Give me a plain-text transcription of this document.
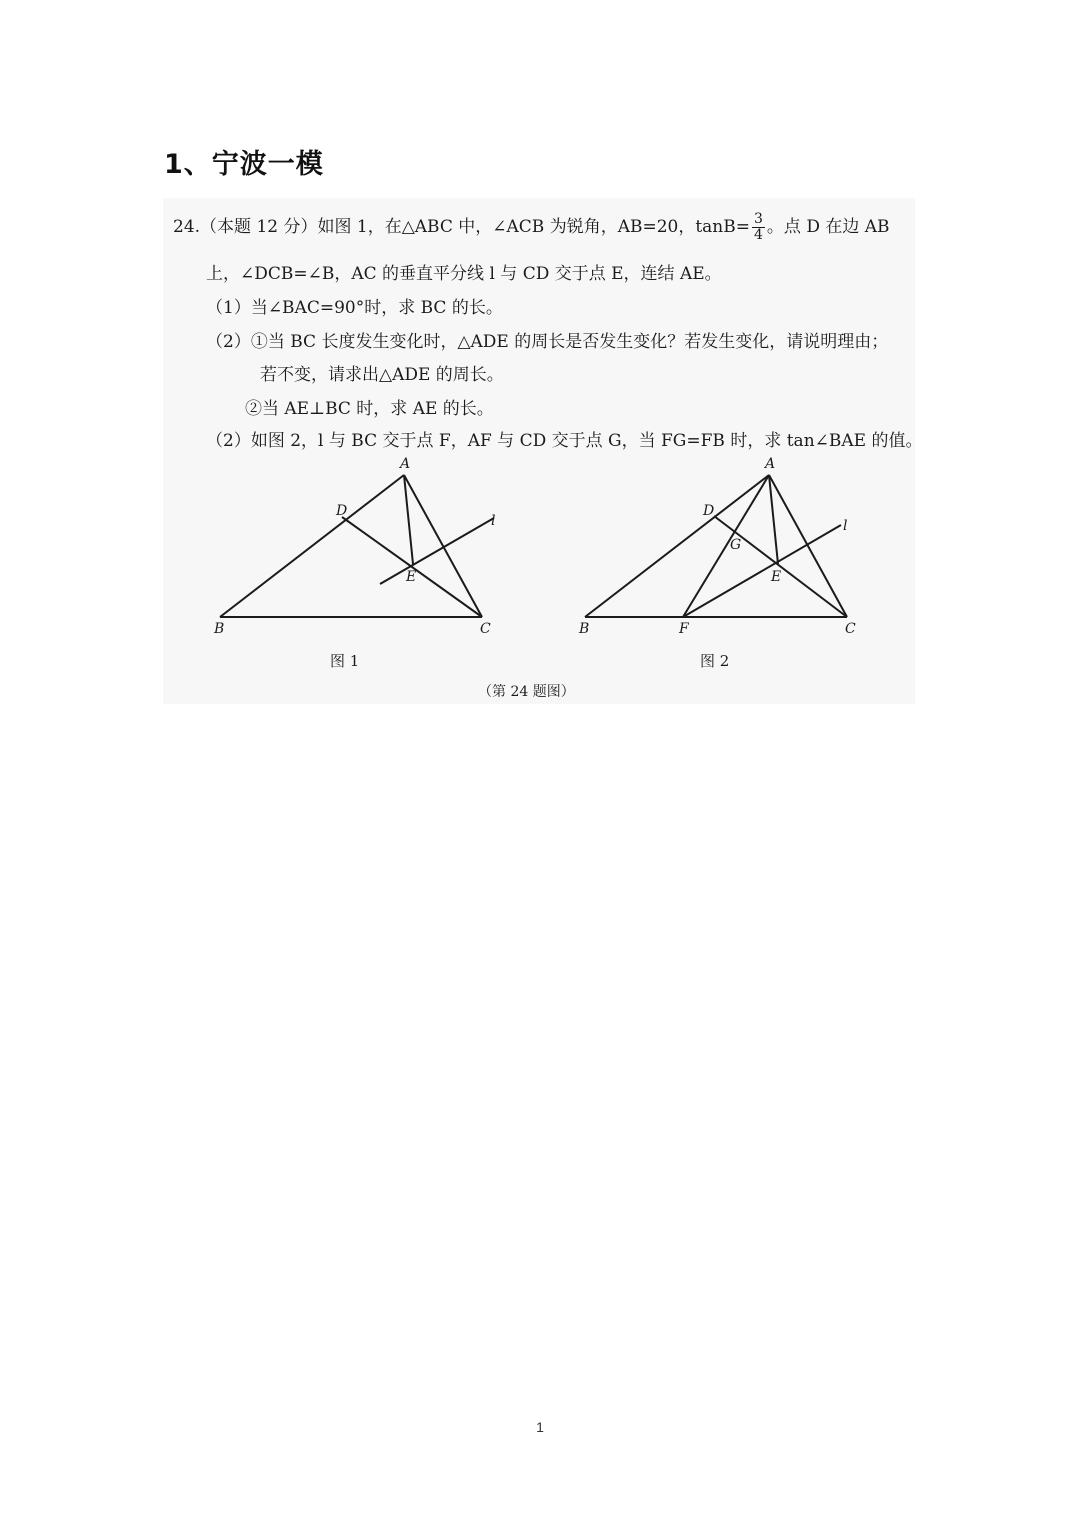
1、宁波一模
24.（本题 12 分）如图 1，在△ABC 中，∠ACB 为锐角，AB=20，$\tan B= \frac{3}{4}$ 。点 D 在边 AB
上，∠DCB=∠B，AC 的垂直平分线 l 与 CD 交于点 E，连结 AE。
（1）当∠BAC=90°时，求 BC 的长。
（2）①当 BC 长度发生变化时，△ADE 的周长是否发生变化？若发生变化，请说明理由；
若不变，请求出△ADE 的周长。
②当 AE⊥BC 时，求 AE 的长。
（2）如图 2，l 与 BC 交于点 F，AF 与 CD 交于点 G，当 FG=FB 时，求 tan∠BAE 的值。
A
B	C
D
E
l
图 1
A
B	C
D
E
F
G
l
图 2
（第 24 题图）
1
